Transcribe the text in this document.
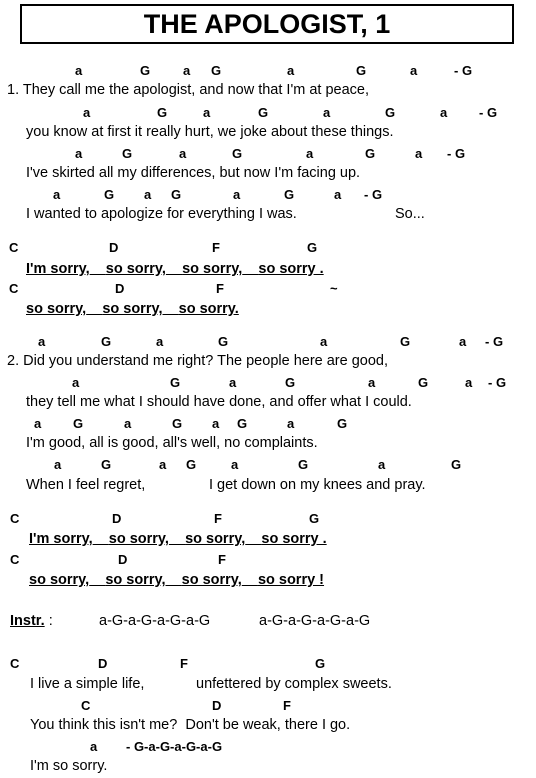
THE APOLOGIST, 1
a	G	a G	a	G	a	- G
1. They call me the apologist, and now that I'm at peace,
a	G	a	G	a	G	a - G
you know at first it really hurt, we joke about these things.
a	G	a	G	a	G	a - G
I've skirted all my differences, but now I'm facing up.
a	G a G	a	G	a - G
I wanted to apologize for everything I was.	So...
C	D	F	G
I'm sorry, so sorry, so sorry, so sorry .
C	D	F	~
so sorry, so sorry, so sorry.
a	G	a	G	a	G	a - G
2. Did you understand me right? The people here are good,
a	G	a	G	a	G	a - G
they tell me what I should have done, and offer what I could.
a G	a	G a G	a	G
I'm good, all is good, all's well, no complaints.
a	G	a G	a	G	a	G
When I feel regret,	I get down on my knees and pray.
C	D	F	G
I'm sorry, so sorry, so sorry, so sorry .
C	D	F
so sorry, so sorry, so sorry, so sorry !
Instr. :	a-G-a-G-a-G-a-G	a-G-a-G-a-G-a-G
C	D	F	G
I live a simple life,	unfettered by complex sweets.
C	D	F
You think this isn't me?  Don't be weak, there I go.
a - G-a-G-a-G-a-G
I'm so sorry.
